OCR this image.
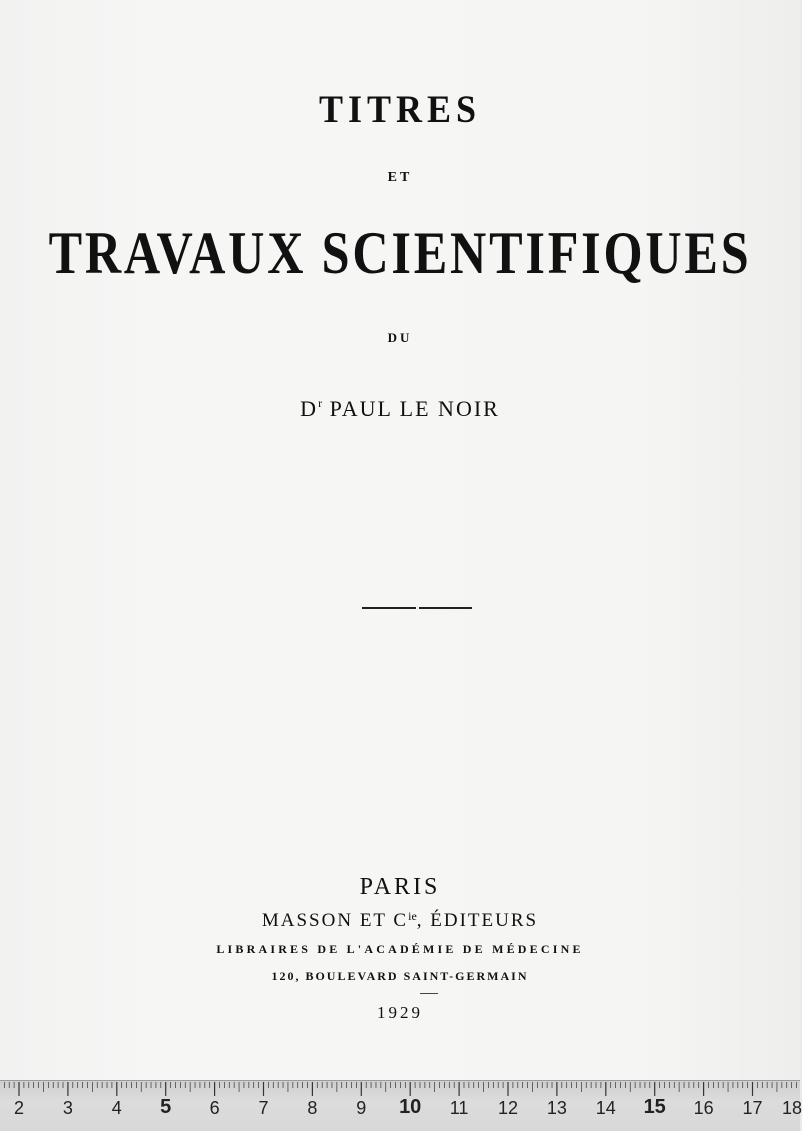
TITRES
ET
TRAVAUX SCIENTIFIQUES
DU
$D^r$ PAUL LE NOIR
PARIS
MASSON ET $C^{ie}$, ÉDITEURS
LIBRAIRES DE L'ACADÉMIE DE MÉDECINE
120, BOULEVARD SAINT-GERMAIN
1929
2 3 4 5 6 7 8 9 10 11 12 13 14 15 16 17 18
